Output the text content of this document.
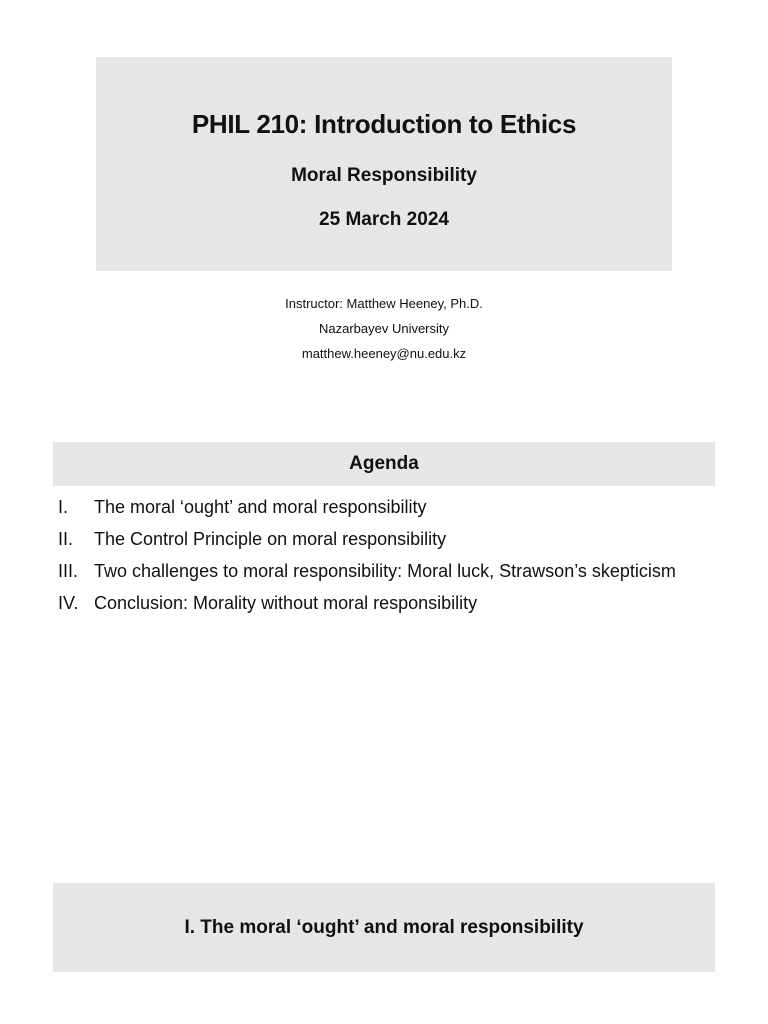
PHIL 210: Introduction to Ethics
Moral Responsibility
25 March 2024
Instructor: Matthew Heeney, Ph.D.
Nazarbayev University
matthew.heeney@nu.edu.kz
Agenda
I. The moral ‘ought’ and moral responsibility
II. The Control Principle on moral responsibility
III. Two challenges to moral responsibility: Moral luck, Strawson’s skepticism
IV. Conclusion: Morality without moral responsibility
I. The moral ‘ought’ and moral responsibility
